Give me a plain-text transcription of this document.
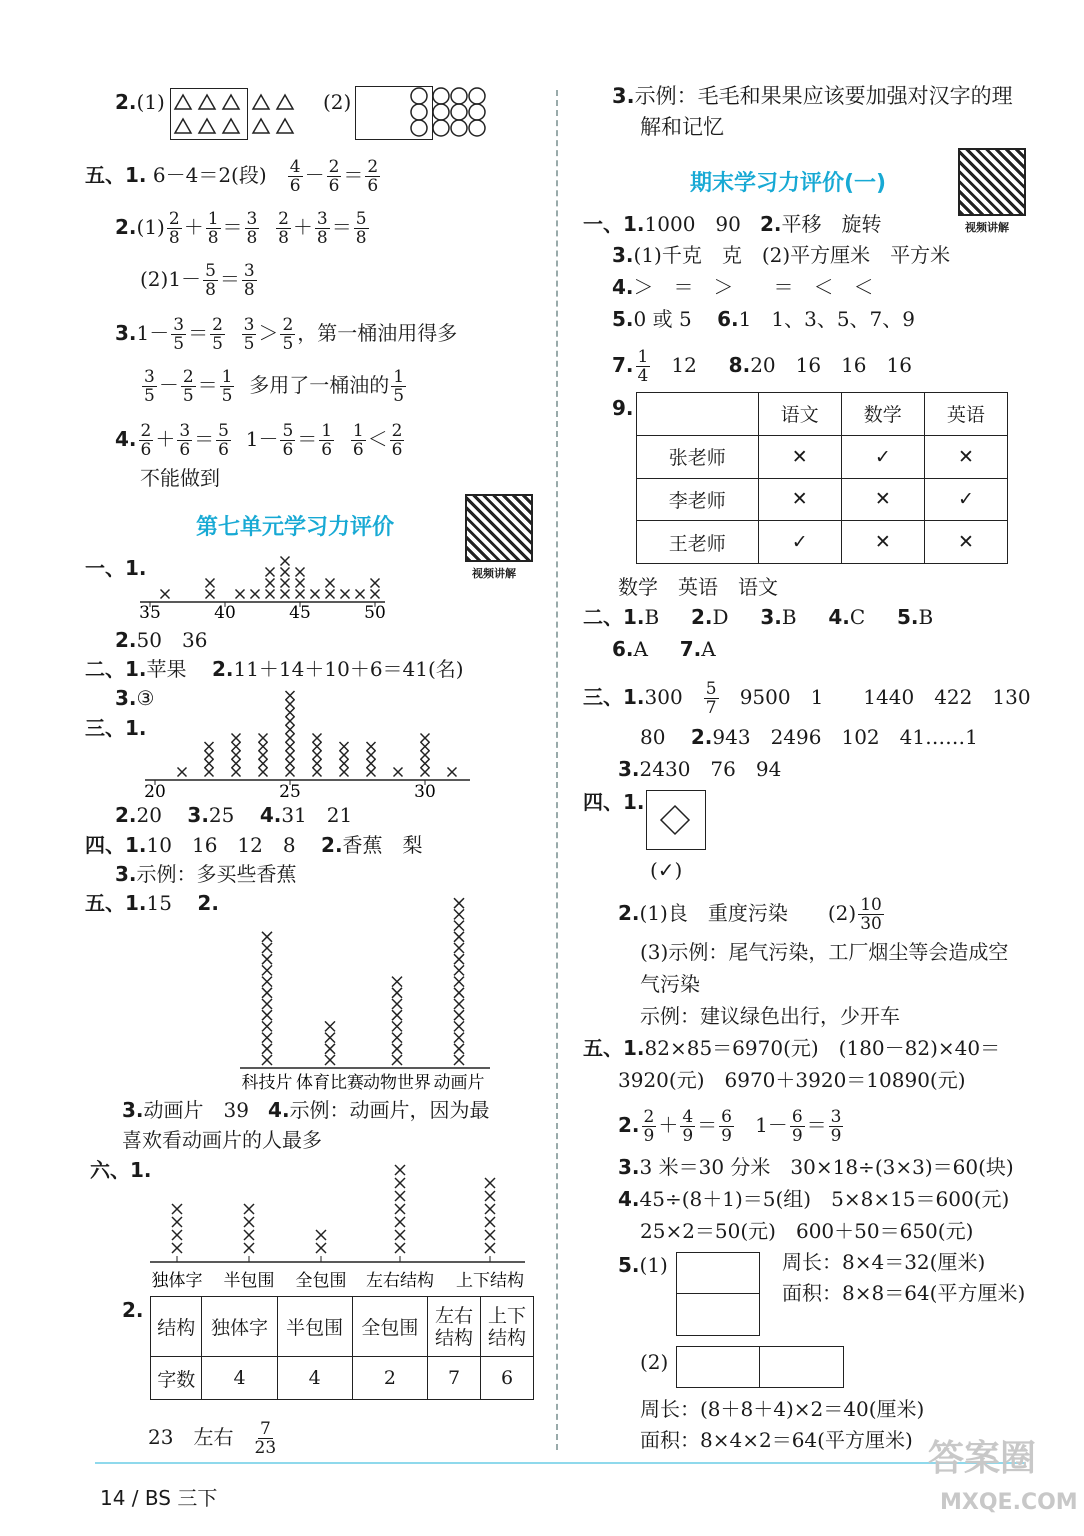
2.(1)	(2)
五、1. 6－4＝2(段) $\frac{4}{6} - \frac{2}{6} = \frac{2}{6}$
$2.(1) \frac{2}{8} + \frac{1}{8} = \frac{3}{8}$
$\frac{2}{8} + \frac{3}{8} = \frac{5}{8}$
$(2)1- \frac{5}{8} = \frac{3}{8}$
$3.1- \frac{3}{5} = \frac{2}{5}$
$\frac{3}{5} > \frac{2}{5}$ ，第一桶油用得多
$\frac{3}{5} - \frac{2}{5} = \frac{1}{5}$ 多用了一桶油的 $\frac{1}{5}$
4. $\frac{2}{6} + \frac{3}{6} = \frac{5}{6} 1- \frac{5}{6} = \frac{1}{6}$
$\frac{1}{6} < \frac{2}{6}$
不能做到
第七单元学习力评价
视频讲解
一、1.
35	40	45	50
2.50　36
二、1.苹果 2.11＋14＋10＋6＝41(名)
3.③
三、1.
20	25	30
2.20 3.25 4.31　21
四、1.10　16　12　8 2.香蕉　梨
3.示例：多买些香蕉
五、1.15 2.
科技片 体育比赛 动物世界 动画片
3.动画片　39 4.示例：动画片，因为最
喜欢看动画片的人最多
六、1.
独体字 半包围 全包围 左右结构 上下结构
2.
结构	独体字	半包围	全包围	左右结构	上下结构
字数	4	4	2	7	6
23　左右 $\frac{7}{23}$
3.示例：毛毛和果果应该要加强对汉字的理
解和记忆
期末学习力评价(一)
视频讲解
一、1.1000　90 2.平移　旋转
3.(1)千克　克　(2)平方厘米　平方米
4.＞　＝　＞　　＝　＜　＜
5.0 或 5 6.1　1、3、5、7、9
7. $\frac{1}{4} 12$ 8.20　16　16　16
9.
		语文	数学	英语
张老师	✕	✓	✕
李老师	✕	✕	✓
王老师	✓	✕	✕
数学　英语　语文
二、1.B 2.D 3.B 4.C 5.B
6.A 7.A
三、$1.300 \frac{5}{7} 9500$　1　　1440　422　130
80 2.943　2496　102　41……1
3.2430　76　94
四、1.
(✓)
2.(1)良　重度污染　　$(2) \frac{10}{30}$
(3)示例：尾气污染，工厂烟尘等会造成空
气污染
示例：建议绿色出行，少开车
五、1.82×85＝6970(元)　(180－82)×40＝
3920(元)　6970＋3920＝10890(元)
2. $\frac{2}{9} + \frac{4}{9} = \frac{6}{9} 1- \frac{6}{9} = \frac{3}{9}$
3.3 米＝30 分米　30×18÷(3×3)＝60(块)
4.45÷(8＋1)＝5(组)　5×8×15＝600(元)
25×2＝50(元)　600＋50＝650(元)
5.(1)	周长：8×4＝32(厘米)
面积：8×8＝64(平方厘米)
(2)
周长：(8＋8＋4)×2＝40(厘米)
面积：8×4×2＝64(平方厘米)
14 / BS 三下
答案圈
MXQE.COM
